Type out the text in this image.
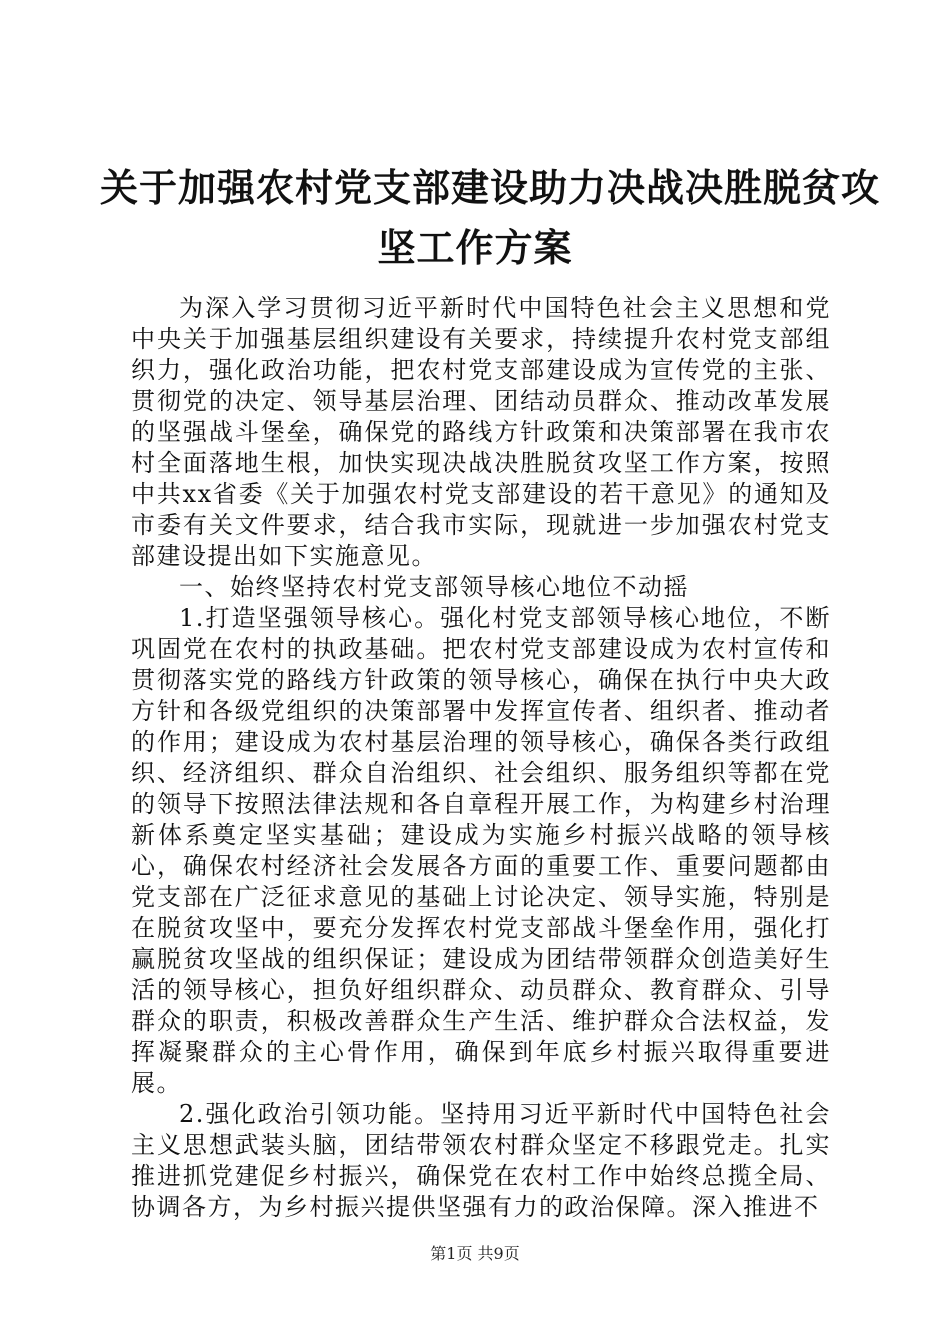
关于加强农村党支部建设助力决战决胜脱贫攻
坚工作方案

为深入学习贯彻习近平新时代中国特色社会主义思想和党中央关于加强基层组织建设有关要求，持续提升农村党支部组织力，强化政治功能，把农村党支部建设成为宣传党的主张、贯彻党的决定、领导基层治理、团结动员群众、推动改革发展的坚强战斗堡垒，确保党的路线方针政策和决策部署在我市农村全面落地生根，加快实现决战决胜脱贫攻坚工作方案，按照中共xx省委《关于加强农村党支部建设的若干意见》的通知及市委有关文件要求，结合我市实际，现就进一步加强农村党支部建设提出如下实施意见。

一、始终坚持农村党支部领导核心地位不动摇

1.打造坚强领导核心。强化村党支部领导核心地位，不断巩固党在农村的执政基础。把农村党支部建设成为农村宣传和贯彻落实党的路线方针政策的领导核心，确保在执行中央大政方针和各级党组织的决策部署中发挥宣传者、组织者、推动者的作用；建设成为农村基层治理的领导核心，确保各类行政组织、经济组织、群众自治组织、社会组织、服务组织等都在党的领导下按照法律法规和各自章程开展工作，为构建乡村治理新体系奠定坚实基础；建设成为实施乡村振兴战略的领导核心，确保农村经济社会发展各方面的重要工作、重要问题都由党支部在广泛征求意见的基础上讨论决定、领导实施，特别是在脱贫攻坚中，要充分发挥农村党支部战斗堡垒作用，强化打赢脱贫攻坚战的组织保证；建设成为团结带领群众创造美好生活的领导核心，担负好组织群众、动员群众、教育群众、引导群众的职责，积极改善群众生产生活、维护群众合法权益，发挥凝聚群众的主心骨作用，确保到年底乡村振兴取得重要进展。

2.强化政治引领功能。坚持用习近平新时代中国特色社会主义思想武装头脑，团结带领农村群众坚定不移跟党走。扎实推进抓党建促乡村振兴，确保党在农村工作中始终总揽全局、协调各方，为乡村振兴提供坚强有力的政治保障。深入推进不

第1页 共9页
